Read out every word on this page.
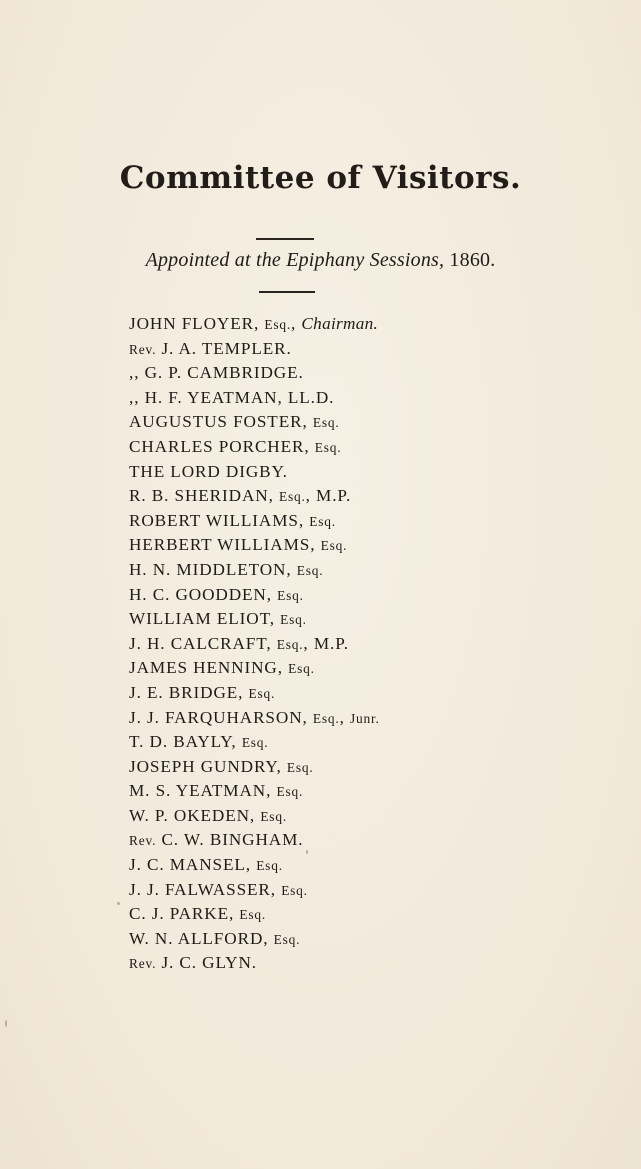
Committee of Visitors.
Appointed at the Epiphany Sessions, 1860.
JOHN FLOYER, Esq., Chairman.
Rev. J. A. TEMPLER.
,, G. P. CAMBRIDGE.
,, H. F. YEATMAN, LL.D.
AUGUSTUS FOSTER, Esq.
CHARLES PORCHER, Esq.
THE LORD DIGBY.
R. B. SHERIDAN, Esq., M.P.
ROBERT WILLIAMS, Esq.
HERBERT WILLIAMS, Esq.
H. N. MIDDLETON, Esq.
H. C. GOODDEN, Esq.
WILLIAM ELIOT, Esq.
J. H. CALCRAFT, Esq., M.P.
JAMES HENNING, Esq.
J. E. BRIDGE, Esq.
J. J. FARQUHARSON, Esq., Junr.
T. D. BAYLY, Esq.
JOSEPH GUNDRY, Esq.
M. S. YEATMAN, Esq.
W. P. OKEDEN, Esq.
Rev. C. W. BINGHAM.
J. C. MANSEL, Esq.
J. J. FALWASSER, Esq.
C. J. PARKE, Esq.
W. N. ALLFORD, Esq.
Rev. J. C. GLYN.
